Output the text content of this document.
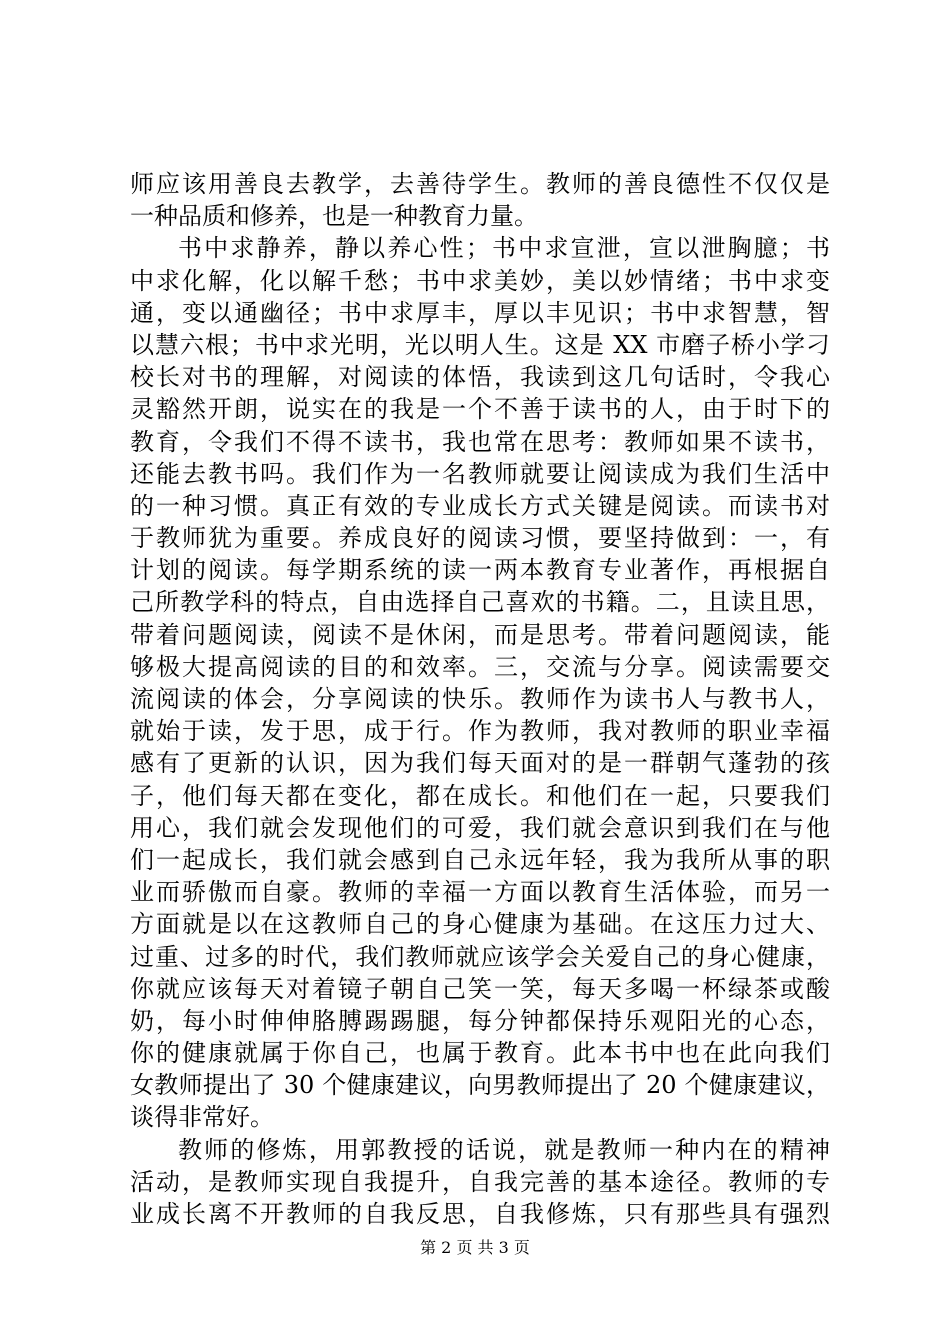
师应该用善良去教学，去善待学生。教师的善良德性不仅仅是
一种品质和修养，也是一种教育力量。
书中求静养，静以养心性；书中求宣泄，宣以泄胸臆；书
中求化解，化以解千愁；书中求美妙，美以妙情绪；书中求变
通，变以通幽径；书中求厚丰，厚以丰见识；书中求智慧，智
以慧六根；书中求光明，光以明人生。这是 XX 市磨子桥小学刁
校长对书的理解，对阅读的体悟，我读到这几句话时，令我心
灵豁然开朗，说实在的我是一个不善于读书的人，由于时下的
教育，令我们不得不读书，我也常在思考：教师如果不读书，
还能去教书吗。我们作为一名教师就要让阅读成为我们生活中
的一种习惯。真正有效的专业成长方式关键是阅读。而读书对
于教师犹为重要。养成良好的阅读习惯，要坚持做到：一，有
计划的阅读。每学期系统的读一两本教育专业著作，再根据自
己所教学科的特点，自由选择自己喜欢的书籍。二，且读且思，
带着问题阅读，阅读不是休闲，而是思考。带着问题阅读，能
够极大提高阅读的目的和效率。三，交流与分享。阅读需要交
流阅读的体会，分享阅读的快乐。教师作为读书人与教书人，
就始于读，发于思，成于行。作为教师，我对教师的职业幸福
感有了更新的认识，因为我们每天面对的是一群朝气蓬勃的孩
子，他们每天都在变化，都在成长。和他们在一起，只要我们
用心，我们就会发现他们的可爱，我们就会意识到我们在与他
们一起成长，我们就会感到自己永远年轻，我为我所从事的职
业而骄傲而自豪。教师的幸福一方面以教育生活体验，而另一
方面就是以在这教师自己的身心健康为基础。在这压力过大、
过重、过多的时代，我们教师就应该学会关爱自己的身心健康，
你就应该每天对着镜子朝自己笑一笑，每天多喝一杯绿茶或酸
奶，每小时伸伸胳膊踢踢腿，每分钟都保持乐观阳光的心态，
你的健康就属于你自己，也属于教育。此本书中也在此向我们
女教师提出了 30 个健康建议，向男教师提出了 20 个健康建议，
谈得非常好。
教师的修炼，用郭教授的话说，就是教师一种内在的精神
活动，是教师实现自我提升，自我完善的基本途径。教师的专
业成长离不开教师的自我反思，自我修炼，只有那些具有强烈
第 2 页 共 3 页
